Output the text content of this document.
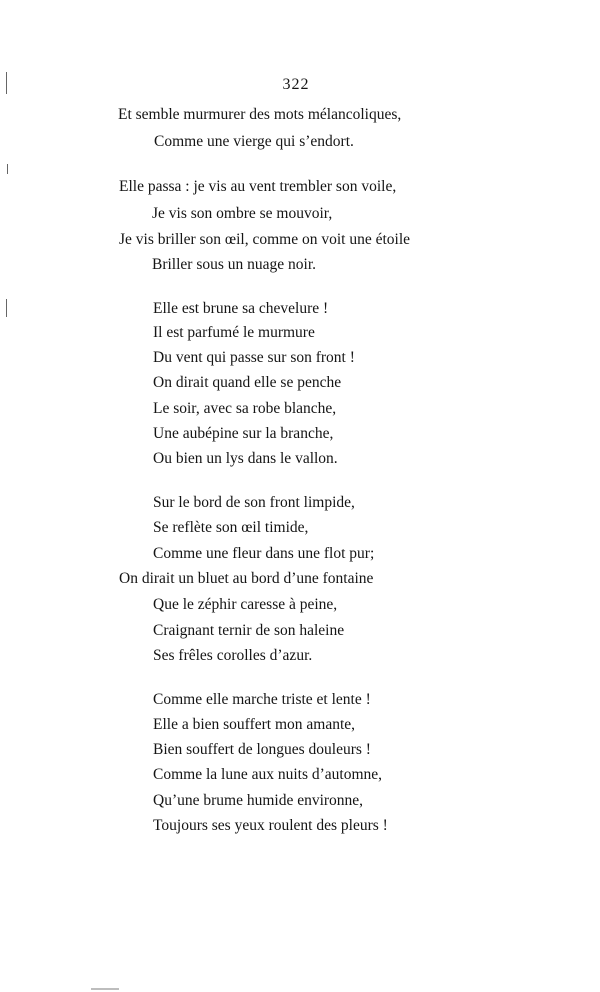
322
Et semble murmurer des mots mélancoliques,
Comme une vierge qui s’endort.
Elle passa : je vis au vent trembler son voile,
Je vis son ombre se mouvoir,
Je vis briller son œil, comme on voit une étoile
Briller sous un nuage noir.
Elle est brune sa chevelure !
Il est parfumé le murmure
Du vent qui passe sur son front !
On dirait quand elle se penche
Le soir, avec sa robe blanche,
Une aubépine sur la branche,
Ou bien un lys dans le vallon.
Sur le bord de son front limpide,
Se reflète son œil timide,
Comme une fleur dans une flot pur;
On dirait un bluet au bord d’une fontaine
Que le zéphir caresse à peine,
Craignant ternir de son haleine
Ses frêles corolles d’azur.
Comme elle marche triste et lente !
Elle a bien souffert mon amante,
Bien souffert de longues douleurs !
Comme la lune aux nuits d’automne,
Qu’une brume humide environne,
Toujours ses yeux roulent des pleurs !
